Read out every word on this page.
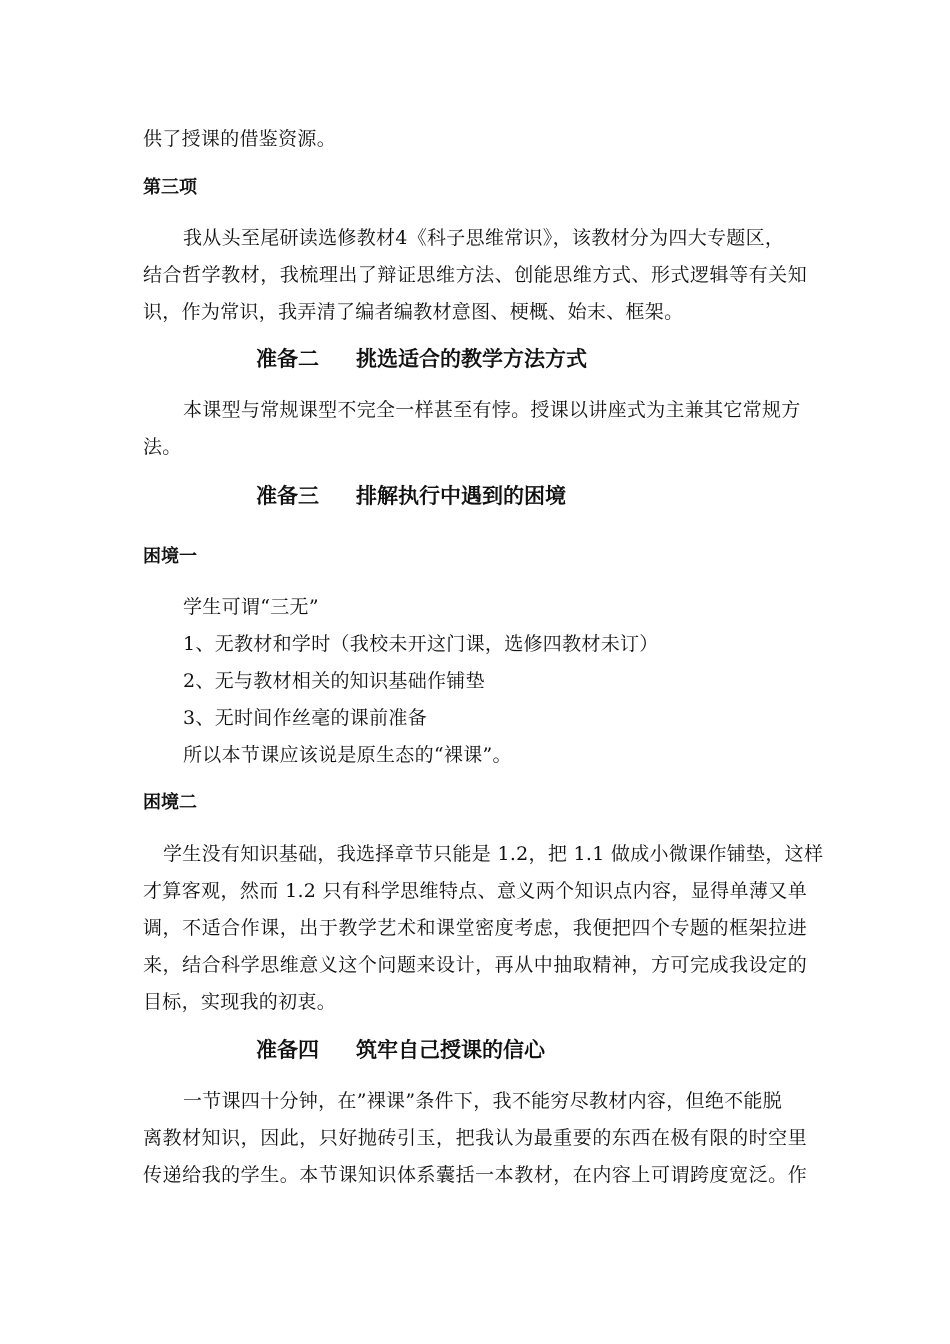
供了授课的借鉴资源。
第三项
我从头至尾研读选修教材4《科子思维常识》，该教材分为四大专题区，
结合哲学教材，我梳理出了辩证思维方法、创能思维方式、形式逻辑等有关知
识，作为常识，我弄清了编者编教材意图、梗概、始末、框架。
准备二 挑选适合的教学方法方式
本课型与常规课型不完全一样甚至有悖。授课以讲座式为主兼其它常规方
法。
准备三 排解执行中遇到的困境
困境一
学生可谓“三无”
1、无教材和学时（我校未开这门课，选修四教材未订）
2、无与教材相关的知识基础作铺垫
3、无时间作丝毫的课前准备
所以本节课应该说是原生态的“裸课”。
困境二
学生没有知识基础，我选择章节只能是 1.2，把 1.1 做成小微课作铺垫，这样
才算客观，然而 1.2 只有科学思维特点、意义两个知识点内容，显得单薄又单
调，不适合作课，出于教学艺术和课堂密度考虑，我便把四个专题的框架拉进
来，结合科学思维意义这个问题来设计，再从中抽取精神，方可完成我设定的
目标，实现我的初衷。
准备四 筑牢自己授课的信心
一节课四十分钟，在”裸课”条件下，我不能穷尽教材内容，但绝不能脱
离教材知识，因此，只好抛砖引玉，把我认为最重要的东西在极有限的时空里
传递给我的学生。本节课知识体系囊括一本教材，在内容上可谓跨度宽泛。作
